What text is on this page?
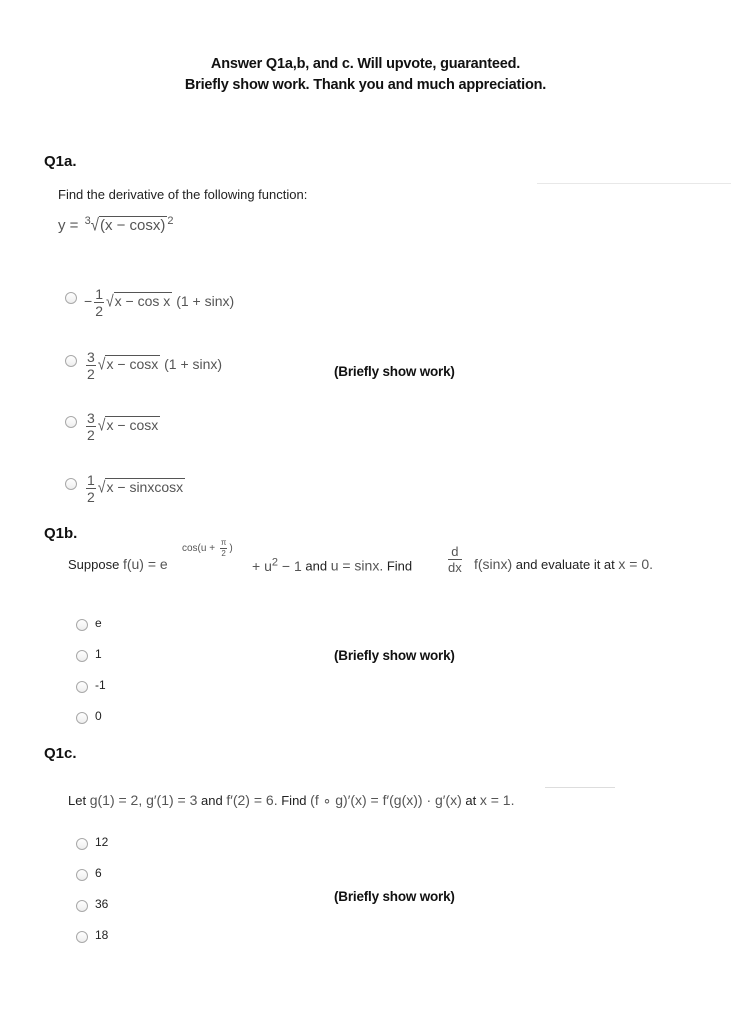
Answer Q1a,b, and c. Will upvote, guaranteed.
Briefly show work. Thank you and much appreciation.
Q1a.
Find the derivative of the following function:
y = $^3$√(x − cosx) $^2$
− $\frac{1}{2} √x - \cos x$ (1 + sinx)
$\frac{3}{2} √x - \cos x$ (1 + sinx)	(Briefly show work)
$\frac{3}{2} √x - \cos x$
$\frac{1}{2} √x$ − sinxcosx
Q1b.
$\cos(u + \frac{\pi}{2}$ )
Suppose f(u) = e	+ $u^2 - 1$ and u = sinx. Find	$\frac{d}{dx} f(\sin x)$ and evaluate it at x = 0.
e
1
-1
0
(Briefly show work)
Q1c.
Let g(1) = 2, g′(1) = 3 and f′(2) = 6. Find (f ∘ g)′(x) = f′(g(x)) · g′(x) at x = 1.
12
6
36
18
(Briefly show work)
